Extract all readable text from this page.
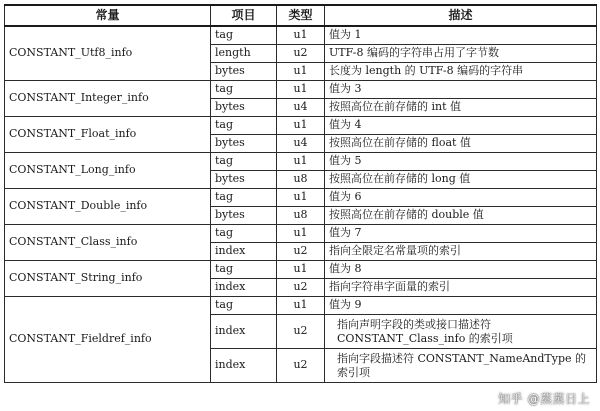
常量	项目	类型	描述
CONSTANT_Utf8_info	tag	u1	值为 1
	length	u2	UTF-8 编码的字符串占用了字节数
	bytes	u1	长度为 length 的 UTF-8 编码的字符串
CONSTANT_Integer_info	tag	u1	值为 3
	bytes	u4	按照高位在前存储的 int 值
CONSTANT_Float_info	tag	u1	值为 4
	bytes	u4	按照高位在前存储的 float 值
CONSTANT_Long_info	tag	u1	值为 5
	bytes	u8	按照高位在前存储的 long 值
CONSTANT_Double_info	tag	u1	值为 6
	bytes	u8	按照高位在前存储的 double 值
CONSTANT_Class_info	tag	u1	值为 7
	index	u2	指向全限定名常量项的索引
CONSTANT_String_info	tag	u1	值为 8
	index	u2	指向字符串字面量的索引
CONSTANT_Fieldref_info	tag	u1	值为 9
	index	u2	指向声明字段的类或接口描述符 CONSTANT_Class_info 的索引项
	index	u2	指向字段描述符 CONSTANT_NameAndType 的索引项
知乎 @蒸蒸日上
